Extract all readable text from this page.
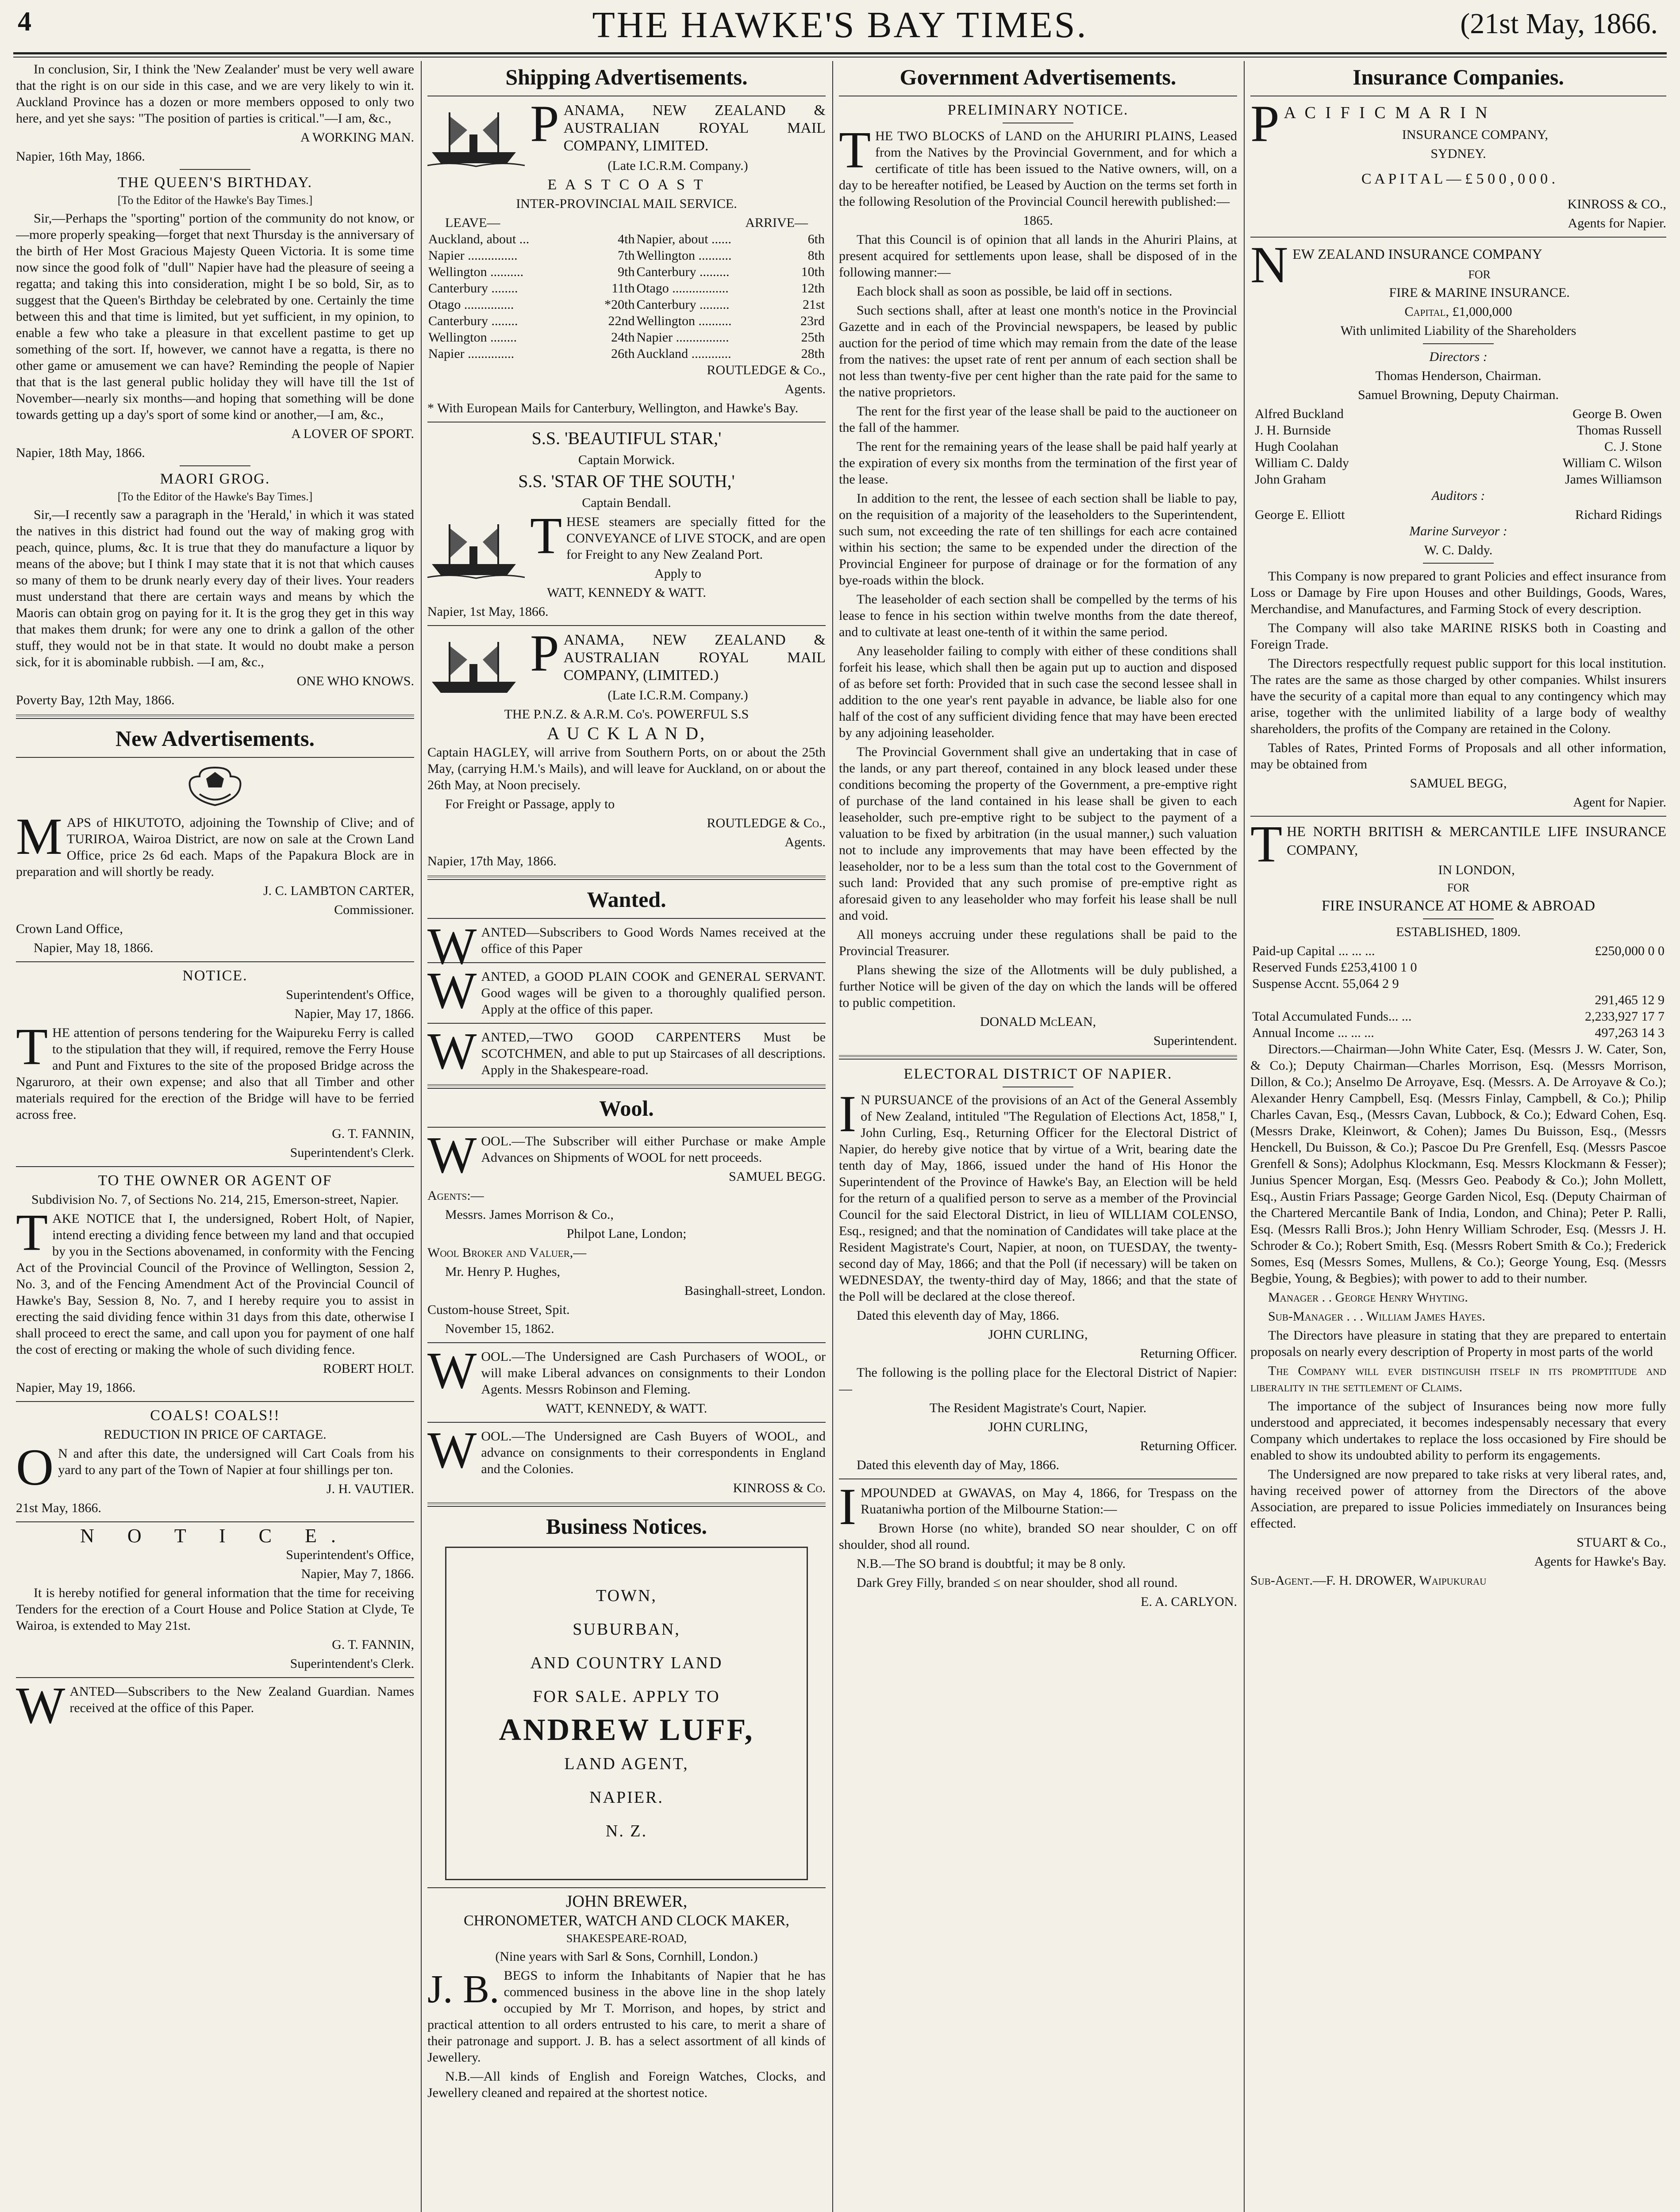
4	THE HAWKE'S BAY TIMES.	(21st May, 1866.

In conclusion, Sir, I think the 'New Zealander' must be very well aware that the right is on our side in this case, and we are very likely to win it. Auckland Province has a dozen or more members opposed to only two here, and yet she says: "The position of parties is critical."—I am, &c.,

A WORKING MAN.

Napier, 16th May, 1866.

THE QUEEN'S BIRTHDAY.

[To the Editor of the Hawke's Bay Times.]

Sir,—Perhaps the "sporting" portion of the community do not know, or—more properly speaking—forget that next Thursday is the anniversary of the birth of Her Most Gracious Majesty Queen Victoria. It is some time now since the good folk of "dull" Napier have had the pleasure of seeing a regatta; and taking this into consideration, might I be so bold, Sir, as to suggest that the Queen's Birthday be celebrated by one. Certainly the time between this and that time is limited, but yet sufficient, in my opinion, to enable a few who take a pleasure in that excellent pastime to get up something of the sort. If, however, we cannot have a regatta, is there no other game or amusement we can have? Reminding the people of Napier that that is the last general public holiday they will have till the 1st of November—nearly six months—and hoping that something will be done towards getting up a day's sport of some kind or another,—I am, &c.,

A LOVER OF SPORT.

Napier, 18th May, 1866.

MAORI GROG.

[To the Editor of the Hawke's Bay Times.]

Sir,—I recently saw a paragraph in the 'Herald,' in which it was stated the natives in this district had found out the way of making grog with peach, quince, plums, &c. It is true that they do manufacture a liquor by means of the above; but I think I may state that it is not that which causes so many of them to be drunk nearly every day of their lives. Your readers must understand that there are certain ways and means by which the Maoris can obtain grog on paying for it. It is the grog they get in this way that makes them drunk; for were any one to drink a gallon of the other stuff, they would not be in that state. It would no doubt make a person sick, for it is abominable rubbish. —I am, &c.,

ONE WHO KNOWS.

Poverty Bay, 12th May, 1866.

New Advertisements.
M APS of HIKUTOTO, adjoining the Township of Clive; and of TURIROA, Wairoa District, are now on sale at the Crown Land Office, price 2s 6d each. Maps of the Papakura Block are in preparation and will shortly be ready.

J. C. LAMBTON CARTER,

Commissioner.

Crown Land Office,

Napier, May 18, 1866.

NOTICE.

Superintendent's Office,

Napier, May 17, 1866.

T HE attention of persons tendering for the Waipureku Ferry is called to the stipulation that they will, if required, remove the Ferry House and Punt and Fixtures to the site of the proposed Bridge across the Ngaruroro, at their own expense; and also that all Timber and other materials required for the erection of the Bridge will have to be ferried across free.

G. T. FANNIN,

Superintendent's Clerk.

TO THE OWNER OR AGENT OF

Subdivision No. 7, of Sections No. 214, 215, Emerson-street, Napier.

T AKE NOTICE that I, the undersigned, Robert Holt, of Napier, intend erecting a dividing fence between my land and that occupied by you in the Sections abovenamed, in conformity with the Fencing Act of the Provincial Council of the Province of Wellington, Session 2, No. 3, and of the Fencing Amendment Act of the Provincial Council of Hawke's Bay, Session 8, No. 7, and I hereby require you to assist in erecting the said dividing fence within 31 days from this date, otherwise I shall proceed to erect the same, and call upon you for payment of one half the cost of erecting or making the whole of such dividing fence.

ROBERT HOLT.

Napier, May 19, 1866.

COALS! COALS!!

REDUCTION IN PRICE OF CARTAGE.

O N and after this date, the undersigned will Cart Coals from his yard to any part of the Town of Napier at four shillings per ton.

J. H. VAUTIER.

21st May, 1866.

N O T I C E.

Superintendent's Office,

Napier, May 7, 1866.

It is hereby notified for general information that the time for receiving Tenders for the erection of a Court House and Police Station at Clyde, Te Wairoa, is extended to May 21st.

G. T. FANNIN,

Superintendent's Clerk.

W ANTED—Subscribers to the New Zealand Guardian. Names received at the office of this Paper.

Shipping Advertisements.
P ANAMA, NEW ZEALAND & AUSTRALIAN ROYAL MAIL COMPANY, LIMITED.

(Late I.C.R.M. Company.)

E A S T C O A S T

INTER-PROVINCIAL MAIL SERVICE.

LEAVE—	ARRIVE—
Auckland, about ...	4th	Napier, about ......	6th
Napier ...............	7th	Wellington ..........	8th
Wellington ..........	9th	Canterbury .........	10th
Canterbury ........	11th	Otago .................	12th
Otago ...............	*20th	Canterbury .........	21st
Canterbury ........	22nd	Wellington ..........	23rd
Wellington ........	24th	Napier ................	25th
Napier ..............	26th	Auckland ............	28th

ROUTLEDGE & Co.,

Agents.

* With European Mails for Canterbury, Wellington, and Hawke's Bay.

S.S. 'BEAUTIFUL STAR,'

Captain Morwick.

S.S. 'STAR OF THE SOUTH,'

Captain Bendall.

T HESE steamers are specially fitted for the CONVEYANCE of LIVE STOCK, and are open for Freight to any New Zealand Port.

Apply to

WATT, KENNEDY & WATT.

Napier, 1st May, 1866.

P ANAMA, NEW ZEALAND & AUSTRALIAN ROYAL MAIL COMPANY, (LIMITED.)

(Late I.C.R.M. Company.)

THE P.N.Z. & A.R.M. Co's. POWERFUL S.S

A U C K L A N D,

Captain HAGLEY, will arrive from Southern Ports, on or about the 25th May, (carrying H.M.'s Mails), and will leave for Auckland, on or about the 26th May, at Noon precisely.

For Freight or Passage, apply to

ROUTLEDGE & Co.,

Agents.

Napier, 17th May, 1866.

Wanted.
W ANTED—Subscribers to Good Words Names received at the office of this Paper

W ANTED, a GOOD PLAIN COOK and GENERAL SERVANT. Good wages will be given to a thoroughly qualified person. Apply at the office of this paper.

W ANTED,—TWO GOOD CARPENTERS Must be SCOTCHMEN, and able to put up Staircases of all descriptions. Apply in the Shakespeare-road.

Wool.
W OOL.—The Subscriber will either Purchase or make Ample Advances on Shipments of WOOL for nett proceeds.

SAMUEL BEGG.

Agents:—

Messrs. James Morrison & Co.,

Philpot Lane, London;

Wool Broker and Valuer,—

Mr. Henry P. Hughes,

Basinghall-street, London.

Custom-house Street, Spit.

November 15, 1862.

W OOL.—The Undersigned are Cash Purchasers of WOOL, or will make Liberal advances on consignments to their London Agents. Messrs Robinson and Fleming.

WATT, KENNEDY, & WATT.

W OOL.—The Undersigned are Cash Buyers of WOOL, and advance on consignments to their correspondents in England and the Colonies.

KINROSS & Co.

Business Notices.
TOWN,
SUBURBAN,
AND COUNTRY LAND
FOR SALE. APPLY TO
ANDREW LUFF,
LAND AGENT,
NAPIER.
N. Z.

JOHN BREWER,

CHRONOMETER, WATCH AND CLOCK MAKER,

SHAKESPEARE-ROAD,

(Nine years with Sarl & Sons, Cornhill, London.)

J. B. BEGS to inform the Inhabitants of Napier that he has commenced business in the above line in the shop lately occupied by Mr T. Morrison, and hopes, by strict and practical attention to all orders entrusted to his care, to merit a share of their patronage and support. J. B. has a select assortment of all kinds of Jewellery.

N.B.—All kinds of English and Foreign Watches, Clocks, and Jewellery cleaned and repaired at the shortest notice.

Government Advertisements.

PRELIMINARY NOTICE.

T HE TWO BLOCKS of LAND on the AHURIRI PLAINS, Leased from the Natives by the Provincial Government, and for which a certificate of title has been issued to the Native owners, will, on a day to be hereafter notified, be Leased by Auction on the terms set forth in the following Resolution of the Provincial Council herewith published:—

1865.

That this Council is of opinion that all lands in the Ahuriri Plains, at present acquired for settlements upon lease, shall be disposed of in the following manner:—

Each block shall as soon as possible, be laid off in sections.

Such sections shall, after at least one month's notice in the Provincial Gazette and in each of the Provincial newspapers, be leased by public auction for the period of time which may remain from the date of the lease from the natives: the upset rate of rent per annum of each section shall be not less than twenty-five per cent higher than the rate paid for the same to the native proprietors.

The rent for the first year of the lease shall be paid to the auctioneer on the fall of the hammer.

The rent for the remaining years of the lease shall be paid half yearly at the expiration of every six months from the termination of the first year of the lease.

In addition to the rent, the lessee of each section shall be liable to pay, on the requisition of a majority of the leaseholders to the Superintendent, such sum, not exceeding the rate of ten shillings for each acre contained within his section; the same to be expended under the direction of the Provincial Engineer for purpose of drainage or for the formation of any bye-roads within the block.

The leaseholder of each section shall be compelled by the terms of his lease to fence in his section within twelve months from the date thereof, and to cultivate at least one-tenth of it within the same period.

Any leaseholder failing to comply with either of these conditions shall forfeit his lease, which shall then be again put up to auction and disposed of as before set forth: Provided that in such case the second lessee shall in addition to the one year's rent payable in advance, be liable also for one half of the cost of any sufficient dividing fence that may have been erected by any adjoining leaseholder.

The Provincial Government shall give an undertaking that in case of the lands, or any part thereof, contained in any block leased under these conditions becoming the property of the Government, a pre-emptive right of purchase of the land contained in his lease shall be given to each leaseholder, such pre-emptive right to be subject to the payment of a valuation to be fixed by arbitration (in the usual manner,) such valuation not to include any improvements that may have been effected by the leaseholder, nor to be a less sum than the total cost to the Government of such land: Provided that any such promise of pre-emptive right as aforesaid given to any leaseholder who may forfeit his lease shall be null and void.

All moneys accruing under these regulations shall be paid to the Provincial Treasurer.

Plans shewing the size of the Allotments will be duly published, a further Notice will be given of the day on which the lands will be offered to public competition.

DONALD McLEAN,

Superintendent.

ELECTORAL DISTRICT OF NAPIER.

I N PURSUANCE of the provisions of an Act of the General Assembly of New Zealand, intituled "The Regulation of Elections Act, 1858," I, John Curling, Esq., Returning Officer for the Electoral District of Napier, do hereby give notice that by virtue of a Writ, bearing date the tenth day of May, 1866, issued under the hand of His Honor the Superintendent of the Province of Hawke's Bay, an Election will be held for the return of a qualified person to serve as a member of the Provincial Council for the said Electoral District, in lieu of WILLIAM COLENSO, Esq., resigned; and that the nomination of Candidates will take place at the Resident Magistrate's Court, Napier, at noon, on TUESDAY, the twenty-second day of May, 1866; and that the Poll (if necessary) will be taken on WEDNESDAY, the twenty-third day of May, 1866; and that the state of the Poll will be declared at the close thereof.

Dated this eleventh day of May, 1866.

JOHN CURLING,

Returning Officer.

The following is the polling place for the Electoral District of Napier:—

The Resident Magistrate's Court, Napier.

JOHN CURLING,

Returning Officer.

Dated this eleventh day of May, 1866.

I MPOUNDED at GWAVAS, on May 4, 1866, for Trespass on the Ruataniwha portion of the Milbourne Station:—

Brown Horse (no white), branded SO near shoulder, C on off shoulder, shod all round.

N.B.—The SO brand is doubtful; it may be 8 only.

Dark Grey Filly, branded ≤ on near shoulder, shod all round.

E. A. CARLYON.

Insurance Companies.
P A C I F I C M A R I N

INSURANCE COMPANY,

SYDNEY.

C A P I T A L — £ 5 0 0 , 0 0 0 .

KINROSS & CO.,

Agents for Napier.

N EW ZEALAND INSURANCE COMPANY

FOR

FIRE & MARINE INSURANCE.

Capital, £1,000,000

With unlimited Liability of the Shareholders

Directors :

Thomas Henderson, Chairman.

Samuel Browning, Deputy Chairman.

Alfred Buckland	George B. Owen
J. H. Burnside	Thomas Russell
Hugh Coolahan	C. J. Stone
William C. Daldy	William C. Wilson
John Graham	James Williamson

Auditors :

George E. Elliott	Richard Ridings

Marine Surveyor :

W. C. Daldy.

This Company is now prepared to grant Policies and effect insurance from Loss or Damage by Fire upon Houses and other Buildings, Goods, Wares, Merchandise, and Manufactures, and Farming Stock of every description.

The Company will also take MARINE RISKS both in Coasting and Foreign Trade.

The Directors respectfully request public support for this local institution. The rates are the same as those charged by other companies. Whilst insurers have the security of a capital more than equal to any contingency which may arise, together with the unlimited liability of a large body of wealthy shareholders, the profits of the Company are retained in the Colony.

Tables of Rates, Printed Forms of Proposals and all other information, may be obtained from

SAMUEL BEGG,

Agent for Napier.

T HE NORTH BRITISH & MERCANTILE LIFE INSURANCE COMPANY,

IN LONDON,

FOR

FIRE INSURANCE AT HOME & ABROAD

ESTABLISHED, 1809.

Paid-up Capital ... ... ...	£250,000 0 0
Reserved Funds £253,4100 1 0	
Suspense Accnt. 55,064 2 9	
	291,465 12 9
Total Accumulated Funds... ...	2,233,927 17 7
Annual Income ... ... ...	497,263 14 3

Directors.—Chairman—John White Cater, Esq. (Messrs J. W. Cater, Son, & Co.); Deputy Chairman—Charles Morrison, Esq. (Messrs Morrison, Dillon, & Co.); Anselmo De Arroyave, Esq. (Messrs. A. De Arroyave & Co.); Alexander Henry Campbell, Esq. (Messrs Finlay, Campbell, & Co.); Philip Charles Cavan, Esq., (Messrs Cavan, Lubbock, & Co.); Edward Cohen, Esq. (Messrs Drake, Kleinwort, & Cohen); James Du Buisson, Esq., (Messrs Henckell, Du Buisson, & Co.); Pascoe Du Pre Grenfell, Esq. (Messrs Pascoe Grenfell & Sons); Adolphus Klockmann, Esq. Messrs Klockmann & Fesser); Junius Spencer Morgan, Esq. (Messrs Geo. Peabody & Co.); John Mollett, Esq., Austin Friars Passage; George Garden Nicol, Esq. (Deputy Chairman of the Chartered Mercantile Bank of India, London, and China); Peter P. Ralli, Esq. (Messrs Ralli Bros.); John Henry William Schroder, Esq. (Messrs J. H. Schroder & Co.); Robert Smith, Esq. (Messrs Robert Smith & Co.); Frederick Somes, Esq (Messrs Somes, Mullens, & Co.); George Young, Esq. (Messrs Begbie, Young, & Begbies); with power to add to their number.

Manager . . George Henry Whyting.

Sub-Manager . . . William James Hayes.

The Directors have pleasure in stating that they are prepared to entertain proposals on nearly every description of Property in most parts of the world

The Company will ever distinguish itself in its promptitude and liberality in the settlement of Claims.

The importance of the subject of Insurances being now more fully understood and appreciated, it becomes indespensably necessary that every Company which undertakes to replace the loss occasioned by Fire should be enabled to show its undoubted ability to perform its engagements.

The Undersigned are now prepared to take risks at very liberal rates, and, having received power of attorney from the Directors of the above Association, are prepared to issue Policies immediately on Insurances being effected.

STUART & Co.,

Agents for Hawke's Bay.

Sub-Agent.—F. H. DROWER, Waipukurau
